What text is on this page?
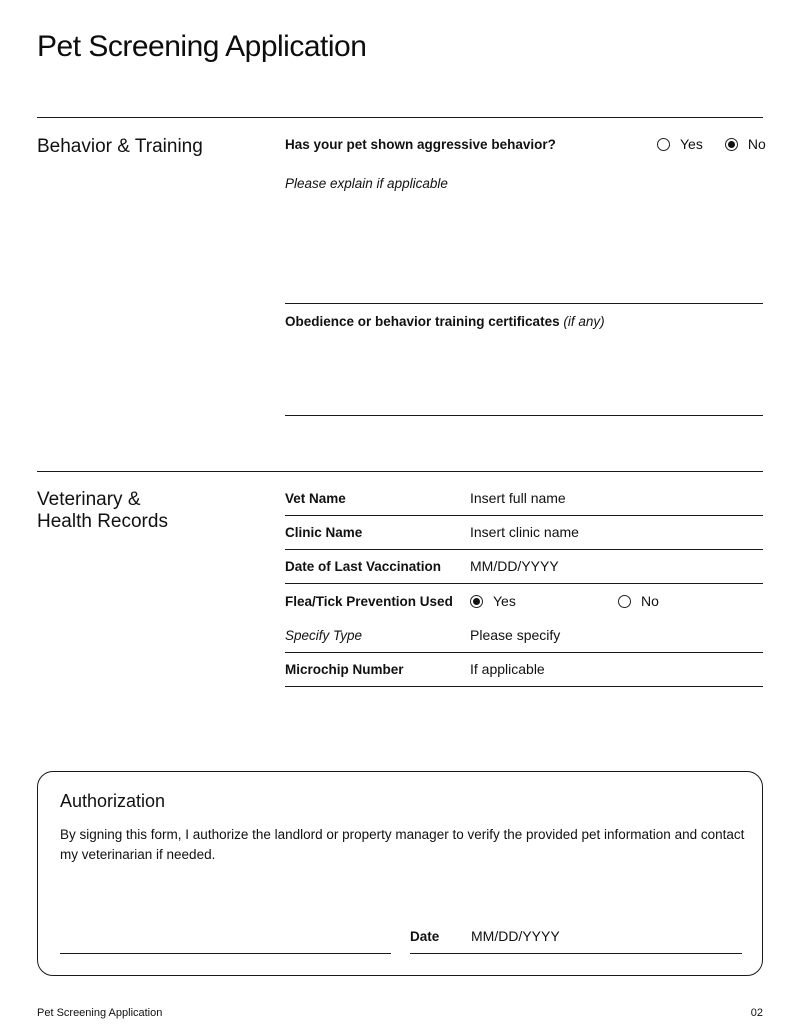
Pet Screening Application
Behavior & Training	Has your pet shown aggressive behavior?	Yes	No
Please explain if applicable
Obedience or behavior training certificates (if any)
Veterinary &
Health Records
Vet Name	Insert full name
Clinic Name	Insert clinic name
Date of Last Vaccination	MM/DD/YYYY
Flea/Tick Prevention Used	Yes	No
Specify Type	Please specify
Microchip Number	If applicable
Authorization
By signing this form, I authorize the landlord or property manager to verify the provided pet information and contact my veterinarian if needed.
Date MM/DD/YYYY
Pet Screening Application	02
